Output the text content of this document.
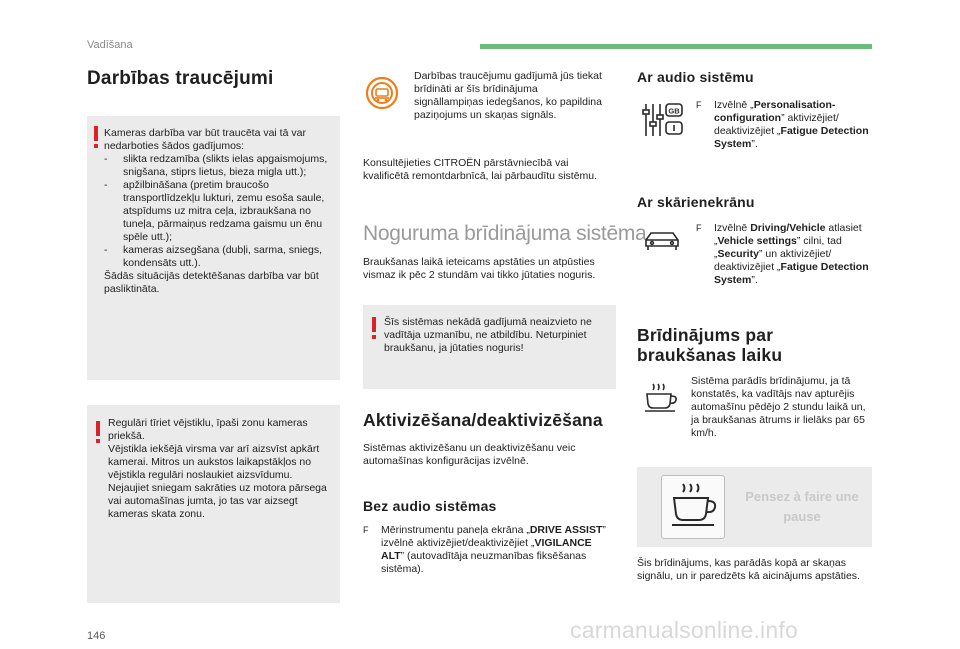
Vadīšana
Darbības traucējumi
Kameras darbība var būt traucēta vai tā var nedarboties šādos gadījumos:
- slikta redzamība (slikts ielas apgaismojums, snigšana, stiprs lietus, bieza migla utt.);
- apžilbināšana (pretim braucošo transportlīdzekļu lukturi, zemu esoša saule, atspīdums uz mitra ceļa, izbraukšana no tuneļa, pārmaiņus redzama gaismu un ēnu spēle utt.);
- kameras aizsegšana (dubļi, sarma, sniegs, kondensāts utt.).
Šādās situācijās detektēšanas darbība var būt pasliktināta.
Regulāri tīriet vējstiklu, īpaši zonu kameras priekšā.
Vējstikla iekšējā virsma var arī aizsvīst apkārt kamerai. Mitros un aukstos laikapstākļos no vējstikla regulāri noslaukiet aizsvīdumu.
Nejaujiet sniegam sakrāties uz motora pārsega vai automašīnas jumta, jo tas var aizsegt kameras skata zonu.
Darbības traucējumu gadījumā jūs tiekat brīdināti ar šīs brīdinājuma signāllampiņas iedegšanos, ko papildina paziņojums un skaņas signāls.
Konsultējieties CITROËN pārstāvniecībā vai kvalificētā remontdarbnīcā, lai pārbaudītu sistēmu.
Noguruma brīdinājuma sistēma
Braukšanas laikā ieteicams apstāties un atpūsties vismaz ik pēc 2 stundām vai tikko jūtaties noguris.
Šīs sistēmas nekādā gadījumā neaizvieto ne vadītāja uzmanību, ne atbildību. Neturpiniet braukšanu, ja jūtaties noguris!
Aktivizēšana/deaktivizēšana
Sistēmas aktivizēšanu un deaktivizēšanu veic automašīnas konfigurācijas izvēlnē.
Bez audio sistēmas
F Mērinstrumentu paneļa ekrāna „DRIVE ASSIST” izvēlnē aktivizējiet/deaktivizējiet „VIGILANCE ALT” (autovadītāja neuzmanības fiksēšanas sistēma).
Ar audio sistēmu
GB
F Izvēlnē „Personalisation-configuration” aktivizējiet/ deaktivizējiet „Fatigue Detection System”.
Ar skārienekrānu
F Izvēlnē Driving/Vehicle atlasiet „Vehicle settings” cilni, tad „Security” un aktivizējiet/ deaktivizējiet „Fatigue Detection System”.
Brīdinājums par braukšanas laiku
Sistēma parādīs brīdinājumu, ja tā konstatēs, ka vadītājs nav apturējis automašīnu pēdējo 2 stundu laikā un, ja braukšanas ātrums ir lielāks par 65 km/h.
Pensez à faire une pause
Šis brīdinājums, kas parādās kopā ar skaņas signālu, un ir paredzēts kā aicinājums apstāties.
146	carmanualsonline.info
